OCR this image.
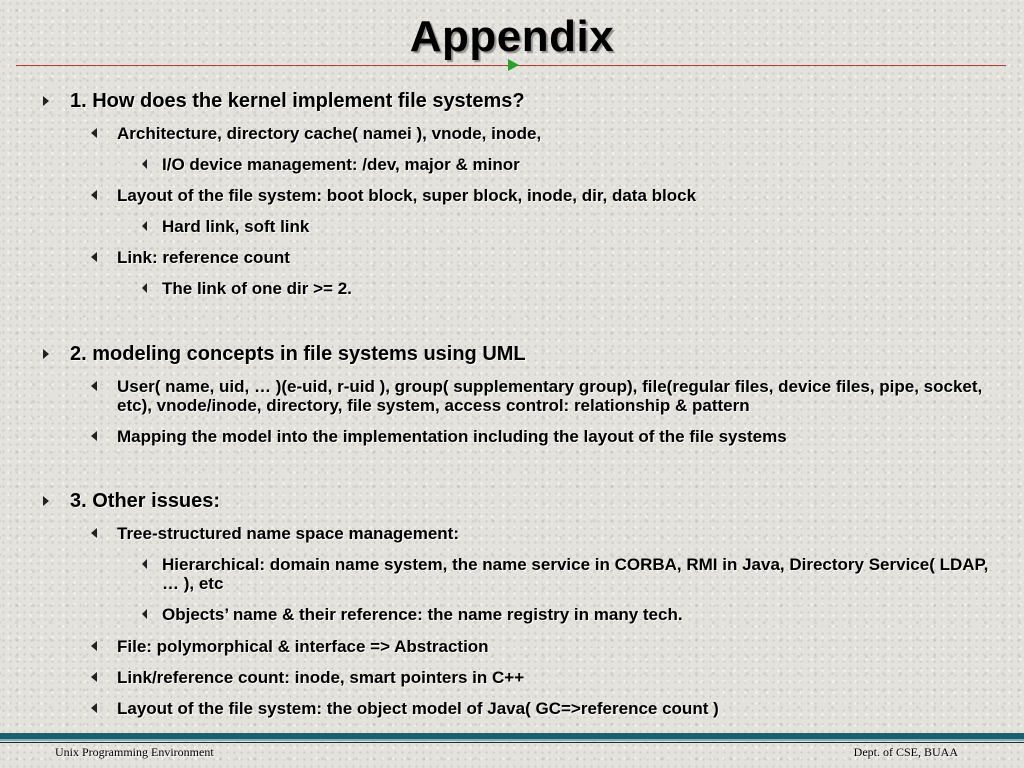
Appendix
1. How does the kernel implement file systems?
Architecture, directory cache( namei ), vnode, inode,
I/O device management: /dev, major & minor
Layout of the file system: boot block, super block, inode, dir, data block
Hard link, soft link
Link: reference count
The link of one dir >= 2.
2. modeling concepts in file systems using UML
User( name, uid, … )(e-uid, r-uid ), group( supplementary group), file(regular files, device files, pipe, socket, etc), vnode/inode, directory, file system, access control: relationship & pattern
Mapping the model into the implementation including the layout of the file systems
3. Other issues:
Tree-structured name space management:
Hierarchical: domain name system, the name service in CORBA, RMI in Java, Directory Service( LDAP, … ), etc
Objects’ name & their reference: the name registry in many tech.
File: polymorphical & interface => Abstraction
Link/reference count: inode, smart pointers in C++
Layout of the file system: the object model of Java( GC=>reference count )
Unix Programming Environment	Dept. of CSE, BUAA
